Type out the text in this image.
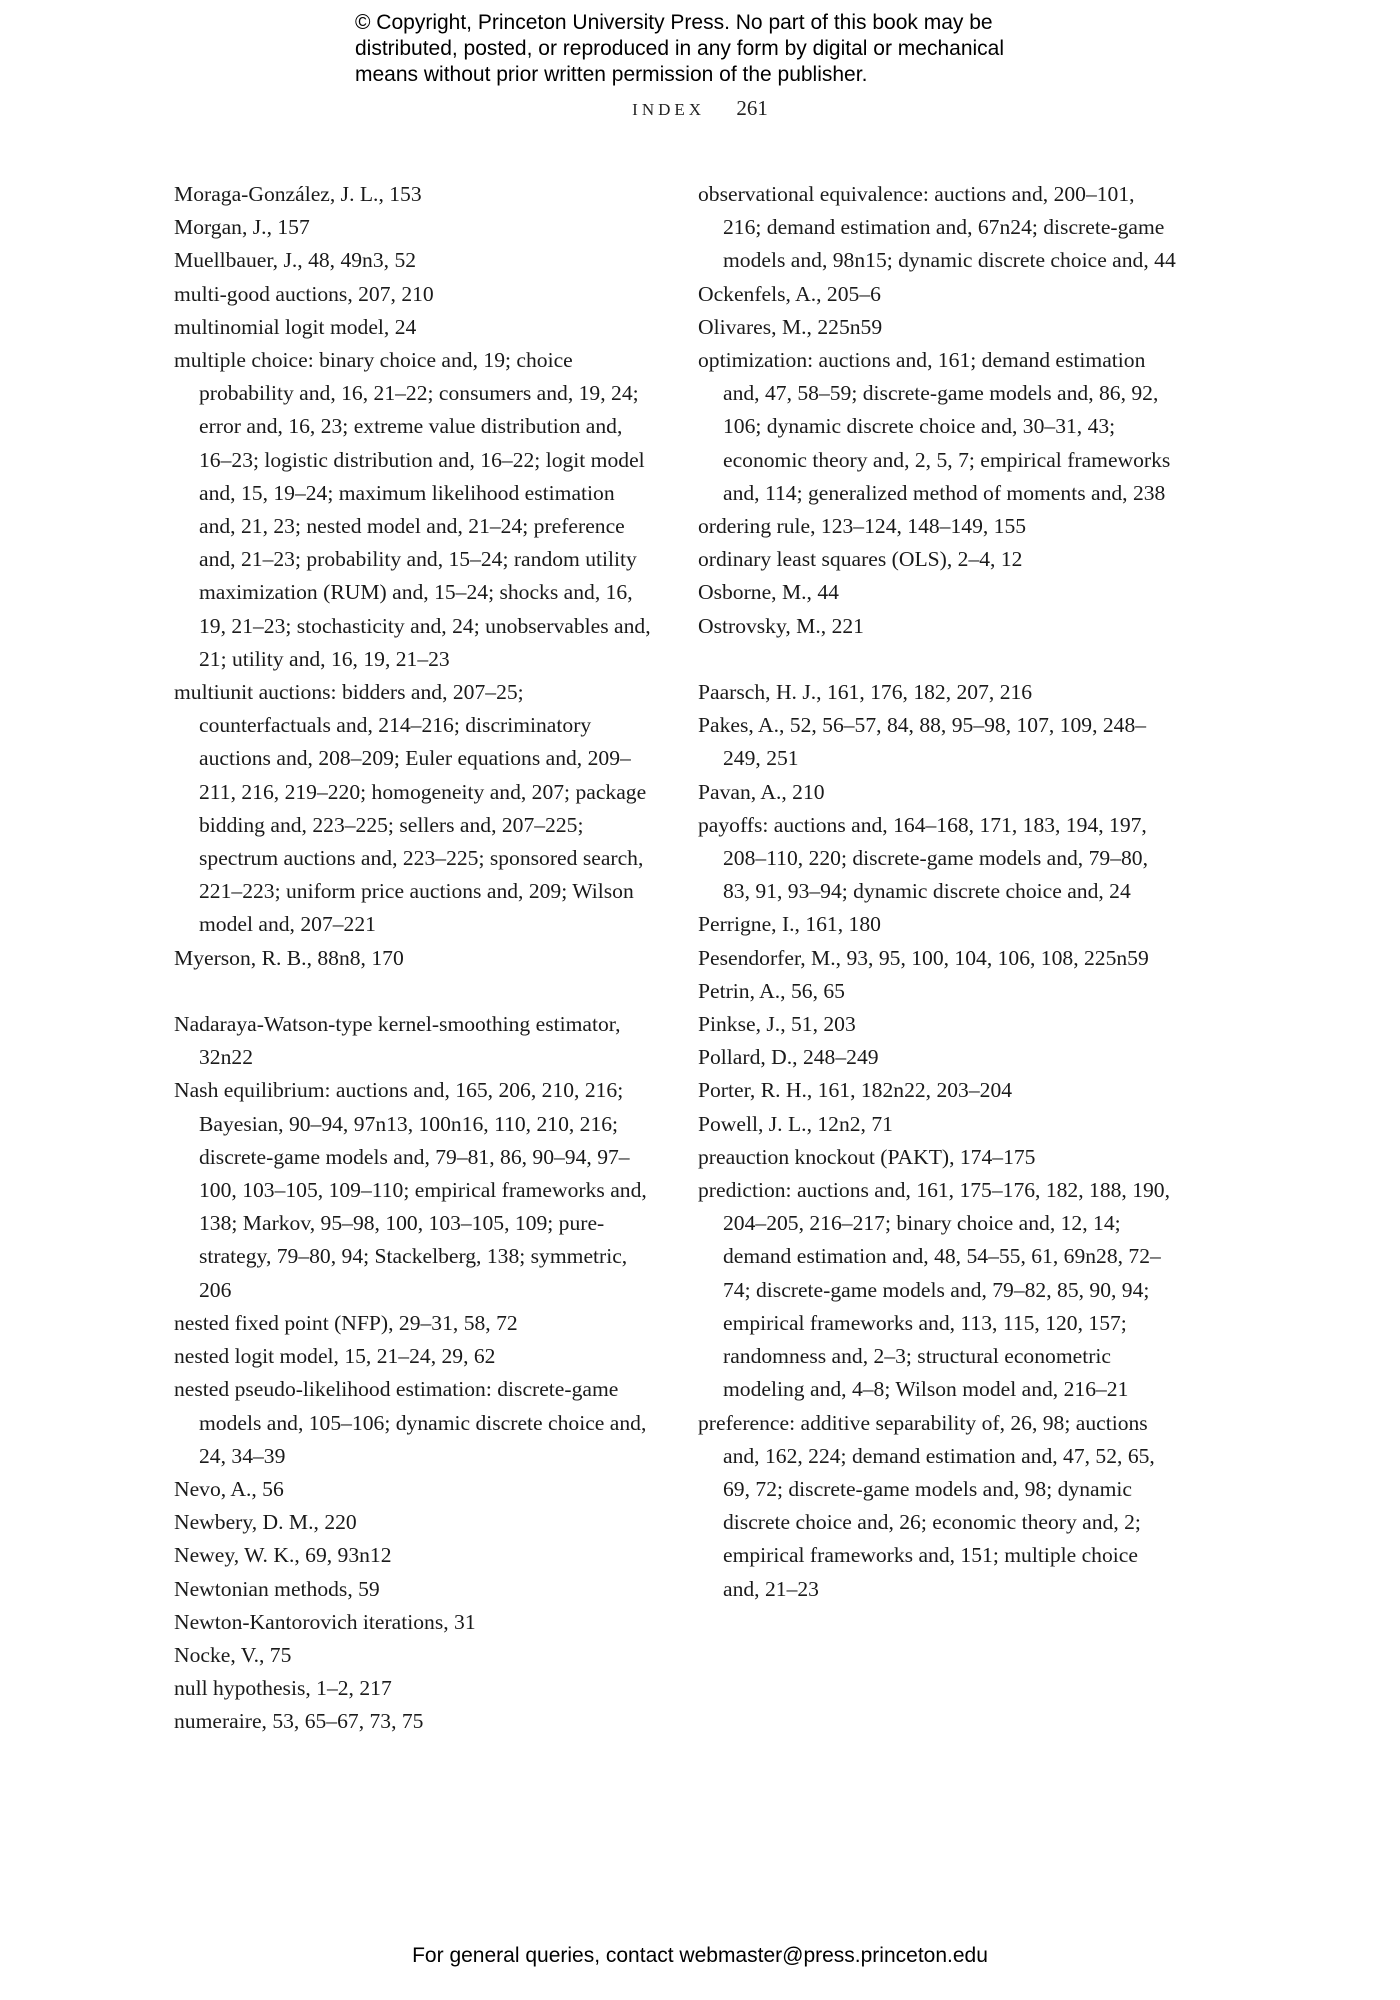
© Copyright, Princeton University Press. No part of this book may be
distributed, posted, or reproduced in any form by digital or mechanical
means without prior written permission of the publisher.
INDEX 261

Moraga-González, J. L., 153

Morgan, J., 157

Muellbauer, J., 48, 49n3, 52

multi-good auctions, 207, 210

multinomial logit model, 24

multiple choice: binary choice and, 19; choice probability and, 16, 21–22; consumers and, 19, 24; error and, 16, 23; extreme value distribution and, 16–23; logistic distribution and, 16–22; logit model and, 15, 19–24; maximum likelihood estimation and, 21, 23; nested model and, 21–24; preference and, 21–23; probability and, 15–24; random utility maximization (RUM) and, 15–24; shocks and, 16, 19, 21–23; stochasticity and, 24; unobservables and, 21; utility and, 16, 19, 21–23

multiunit auctions: bidders and, 207–25; counterfactuals and, 214–216; discriminatory auctions and, 208–209; Euler equations and, 209–211, 216, 219–220; homogeneity and, 207; package bidding and, 223–225; sellers and, 207–225; spectrum auctions and, 223–225; sponsored search, 221–223; uniform price auctions and, 209; Wilson model and, 207–221

Myerson, R. B., 88n8, 170

Nadaraya-Watson-type kernel-smoothing estimator, 32n22

Nash equilibrium: auctions and, 165, 206, 210, 216; Bayesian, 90–94, 97n13, 100n16, 110, 210, 216; discrete-game models and, 79–81, 86, 90–94, 97–100, 103–105, 109–110; empirical frameworks and, 138; Markov, 95–98, 100, 103–105, 109; pure-strategy, 79–80, 94; Stackelberg, 138; symmetric, 206

nested fixed point (NFP), 29–31, 58, 72

nested logit model, 15, 21–24, 29, 62

nested pseudo-likelihood estimation: discrete-game models and, 105–106; dynamic discrete choice and, 24, 34–39

Nevo, A., 56

Newbery, D. M., 220

Newey, W. K., 69, 93n12

Newtonian methods, 59

Newton-Kantorovich iterations, 31

Nocke, V., 75

null hypothesis, 1–2, 217

numeraire, 53, 65–67, 73, 75

observational equivalence: auctions and, 200–101, 216; demand estimation and, 67n24; discrete-game models and, 98n15; dynamic discrete choice and, 44

Ockenfels, A., 205–6

Olivares, M., 225n59

optimization: auctions and, 161; demand estimation and, 47, 58–59; discrete-game models and, 86, 92, 106; dynamic discrete choice and, 30–31, 43; economic theory and, 2, 5, 7; empirical frameworks and, 114; generalized method of moments and, 238

ordering rule, 123–124, 148–149, 155

ordinary least squares (OLS), 2–4, 12

Osborne, M., 44

Ostrovsky, M., 221

Paarsch, H. J., 161, 176, 182, 207, 216

Pakes, A., 52, 56–57, 84, 88, 95–98, 107, 109, 248–249, 251

Pavan, A., 210

payoffs: auctions and, 164–168, 171, 183, 194, 197, 208–110, 220; discrete-game models and, 79–80, 83, 91, 93–94; dynamic discrete choice and, 24

Perrigne, I., 161, 180

Pesendorfer, M., 93, 95, 100, 104, 106, 108, 225n59

Petrin, A., 56, 65

Pinkse, J., 51, 203

Pollard, D., 248–249

Porter, R. H., 161, 182n22, 203–204

Powell, J. L., 12n2, 71

preauction knockout (PAKT), 174–175

prediction: auctions and, 161, 175–176, 182, 188, 190, 204–205, 216–217; binary choice and, 12, 14; demand estimation and, 48, 54–55, 61, 69n28, 72–74; discrete-game models and, 79–82, 85, 90, 94; empirical frameworks and, 113, 115, 120, 157; randomness and, 2–3; structural econometric modeling and, 4–8; Wilson model and, 216–21

preference: additive separability of, 26, 98; auctions and, 162, 224; demand estimation and, 47, 52, 65, 69, 72; discrete-game models and, 98; dynamic discrete choice and, 26; economic theory and, 2; empirical frameworks and, 151; multiple choice and, 21–23

For general queries, contact webmaster@press.princeton.edu
